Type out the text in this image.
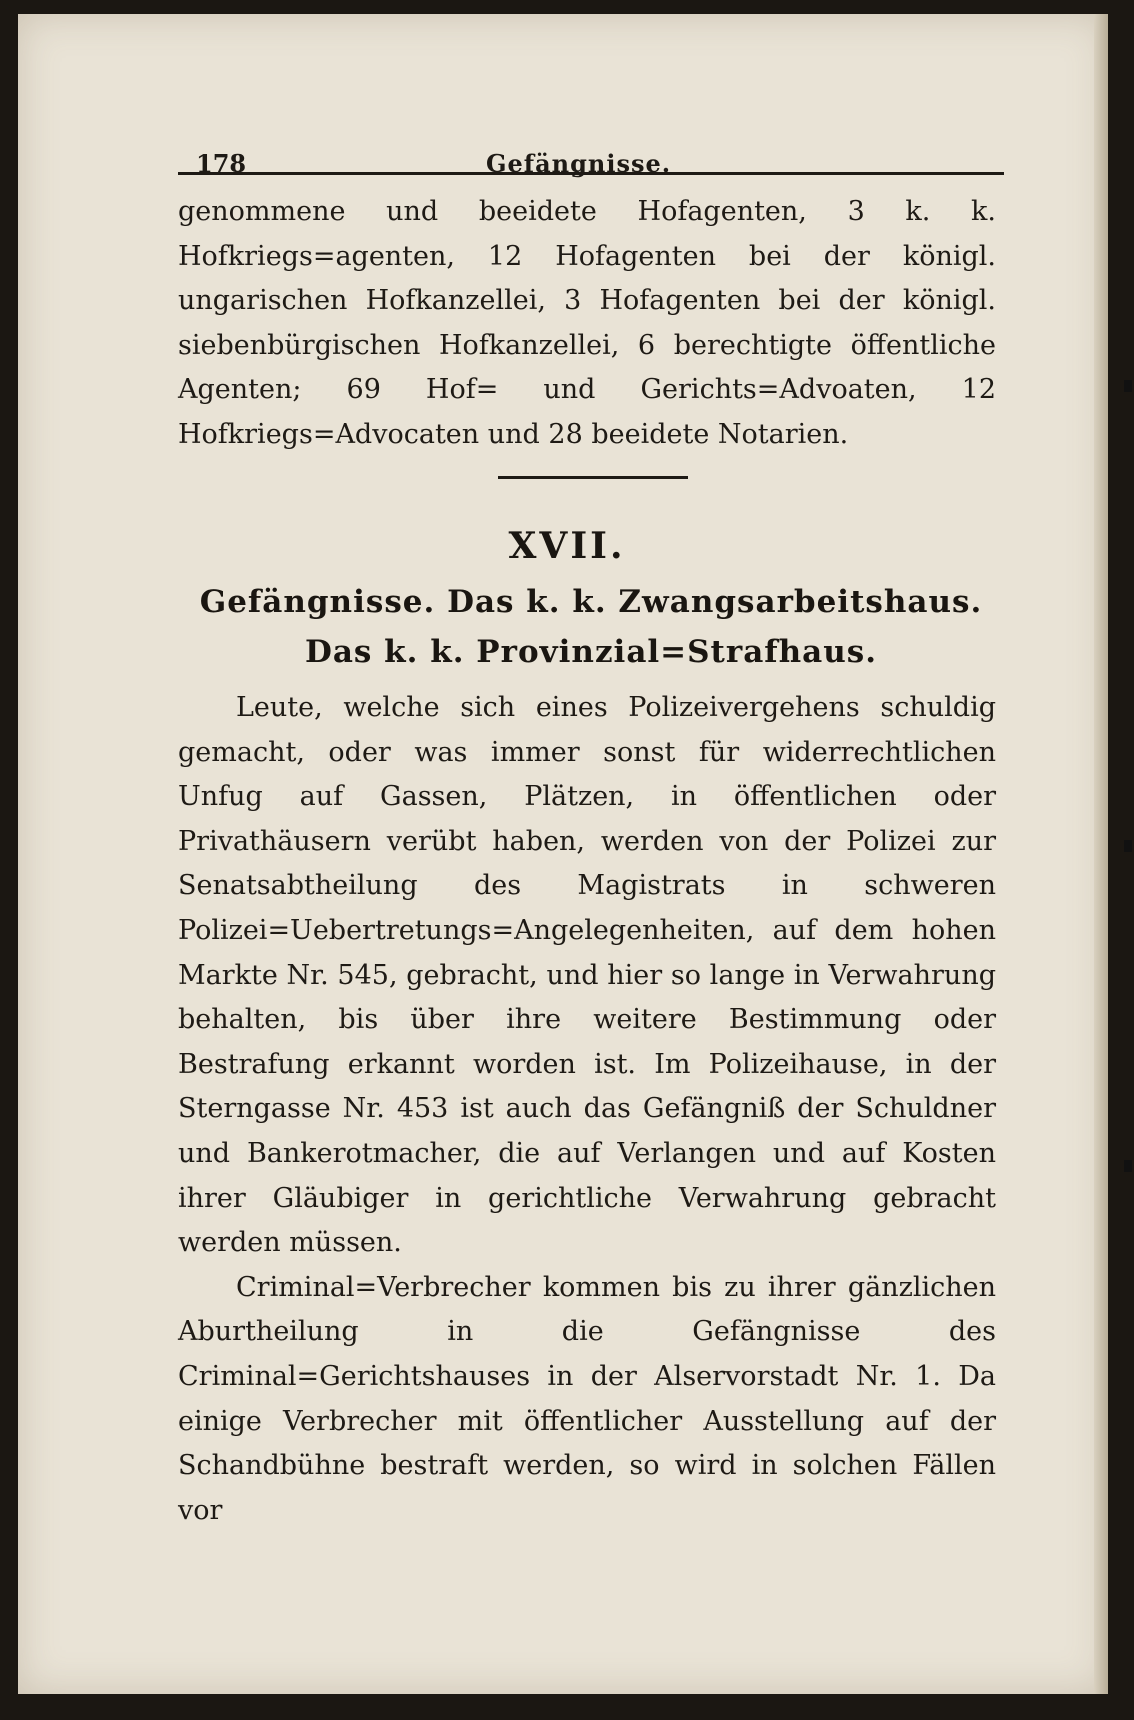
178	Gefängnisse.

genommene und beeidete Hofagenten, 3 k. k. Hofkriegs=agenten, 12 Hofagenten bei der königl. ungarischen Hofkanzellei, 3 Hofagenten bei der königl. siebenbürgischen Hofkanzellei, 6 berechtigte öffentliche Agenten; 69 Hof= und Gerichts=Advoaten, 12 Hofkriegs=Advocaten und 28 beeidete Notarien.

XVII.
Gefängnisse. Das k. k. Zwangsarbeitshaus.
Das k. k. Provinzial=Strafhaus.

Leute, welche sich eines Polizeivergehens schuldig gemacht, oder was immer sonst für widerrechtlichen Unfug auf Gassen, Plätzen, in öffentlichen oder Privathäusern verübt haben, werden von der Polizei zur Senatsabtheilung des Magistrats in schweren Polizei=Uebertretungs=Angelegenheiten, auf dem hohen Markte Nr. 545, gebracht, und hier so lange in Verwahrung behalten, bis über ihre weitere Bestimmung oder Bestrafung erkannt worden ist. Im Polizeihause, in der Sterngasse Nr. 453 ist auch das Gefängniß der Schuldner und Bankerotmacher, die auf Verlangen und auf Kosten ihrer Gläubiger in gerichtliche Verwahrung gebracht werden müssen.

Criminal=Verbrecher kommen bis zu ihrer gänzlichen Aburtheilung in die Gefängnisse des Criminal=Gerichtshauses in der Alservorstadt Nr. 1. Da einige Verbrecher mit öffentlicher Ausstellung auf der Schandbühne bestraft werden, so wird in solchen Fällen vor
